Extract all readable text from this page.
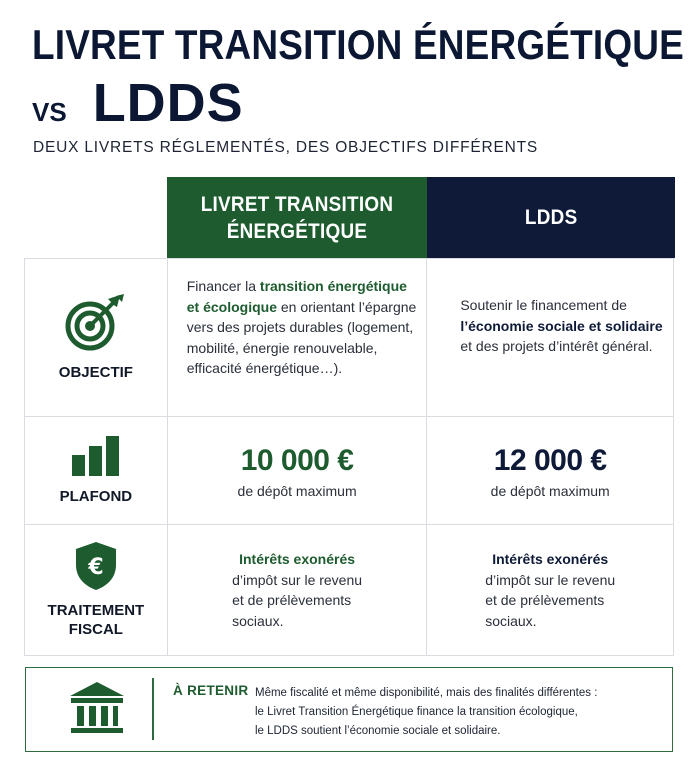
LIVRET TRANSITION ÉNERGÉTIQUE
VS LDDS
DEUX LIVRETS RÉGLEMENTÉS, DES OBJECTIFS DIFFÉRENTS
LIVRET TRANSITION
ÉNERGÉTIQUE
LDDS
OBJECTIF
Financer la transition énergétique et écologique en orientant l’épargne vers des projets durables (logement, mobilité, énergie renouvelable, efficacité énergétique…).
Soutenir le financement de l’économie sociale et solidaire et des projets d’intérêt général.
PLAFOND
10 000 €
de dépôt maximum
12 000 €
de dépôt maximum
€
TRAITEMENT
FISCAL
Intérêts exonérés
d’impôt sur le revenu
et de prélèvements
sociaux.
Intérêts exonérés
d’impôt sur le revenu
et de prélèvements
sociaux.
À RETENIR Même fiscalité et même disponibilité, mais des finalités différentes :
le Livret Transition Énergétique finance la transition écologique,
le LDDS soutient l’économie sociale et solidaire.
